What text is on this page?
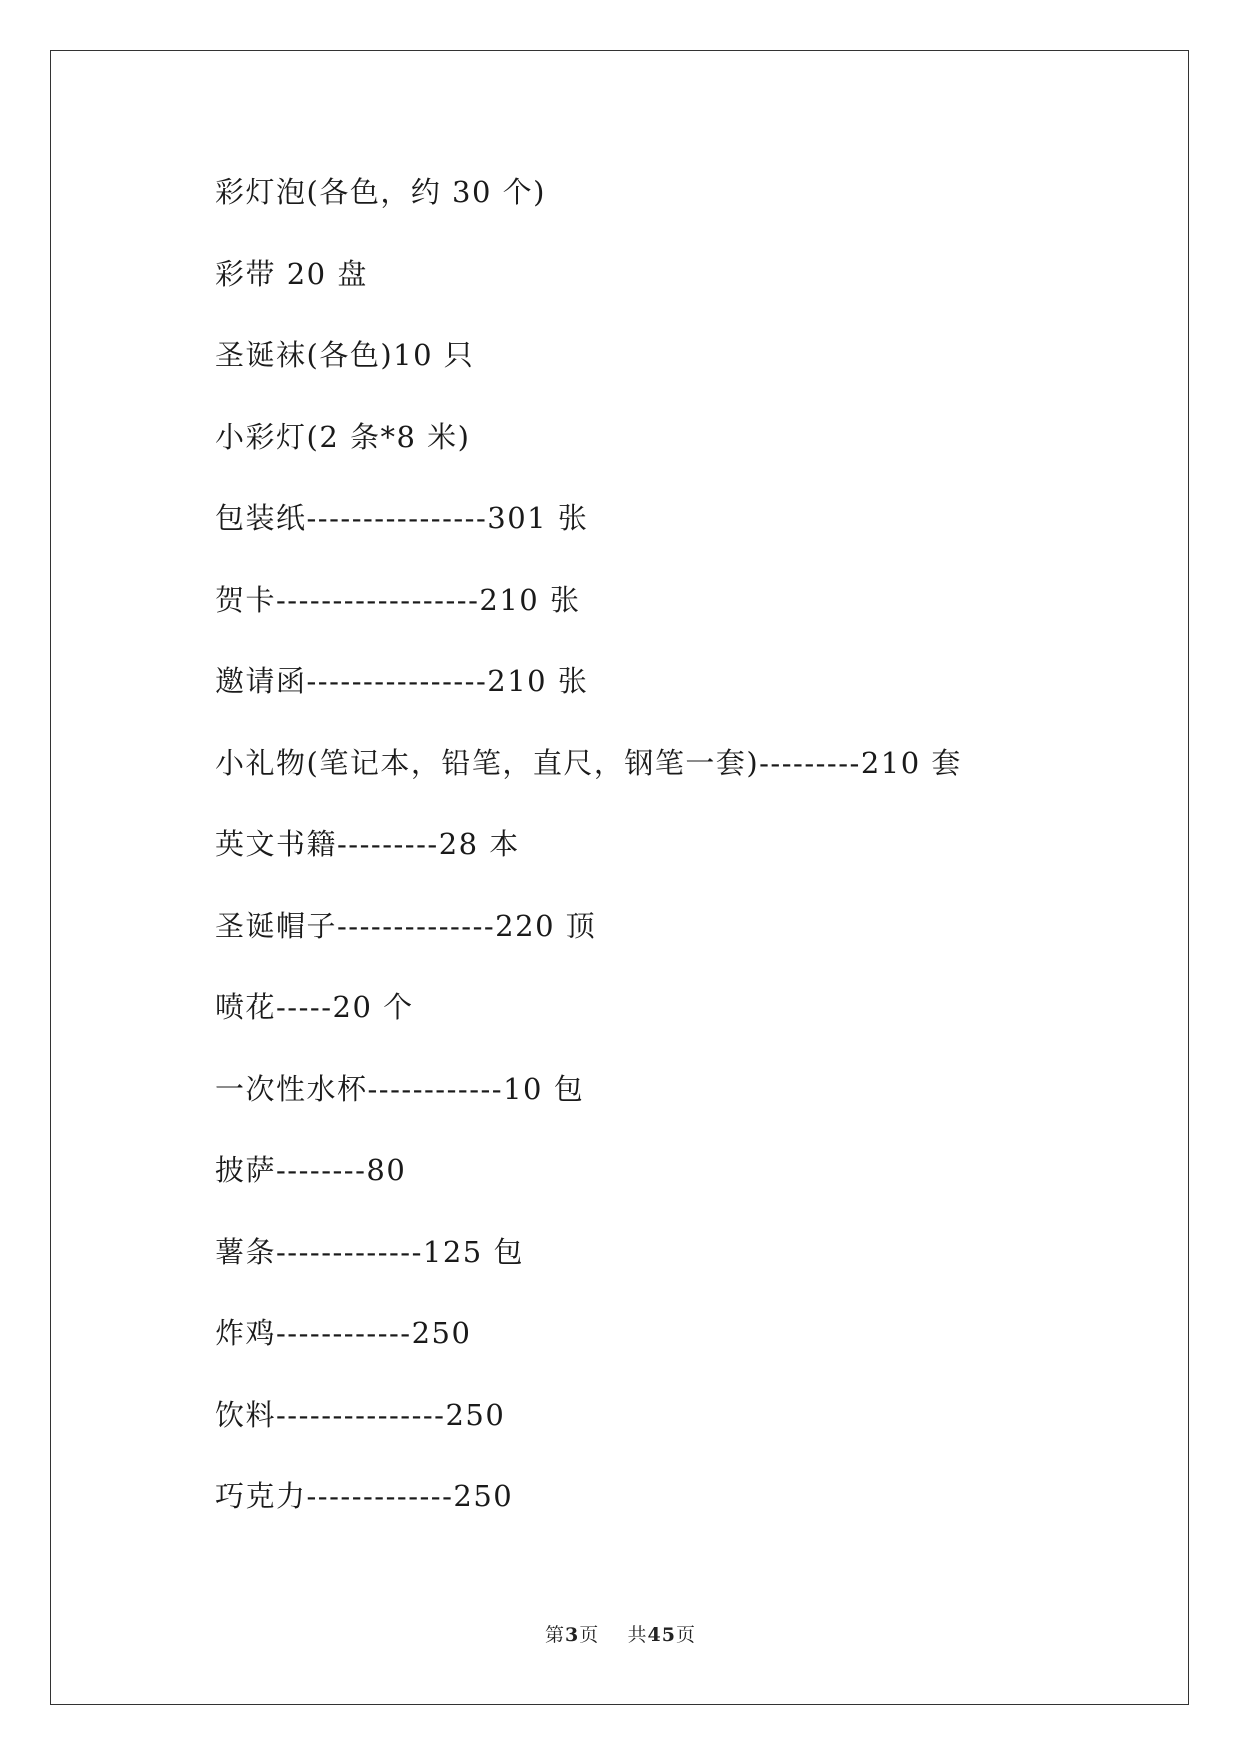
彩灯泡(各色，约 30 个)
彩带 20 盘
圣诞袜(各色)10 只
小彩灯(2 条*8 米)
包装纸----------------301 张
贺卡------------------210 张
邀请函----------------210 张
小礼物(笔记本，铅笔，直尺，钢笔一套)---------210 套
英文书籍---------28 本
圣诞帽子--------------220 顶
喷花-----20 个
一次性水杯------------10 包
披萨--------80
薯条-------------125 包
炸鸡------------250
饮料---------------250
巧克力-------------250
第3页 共45页
